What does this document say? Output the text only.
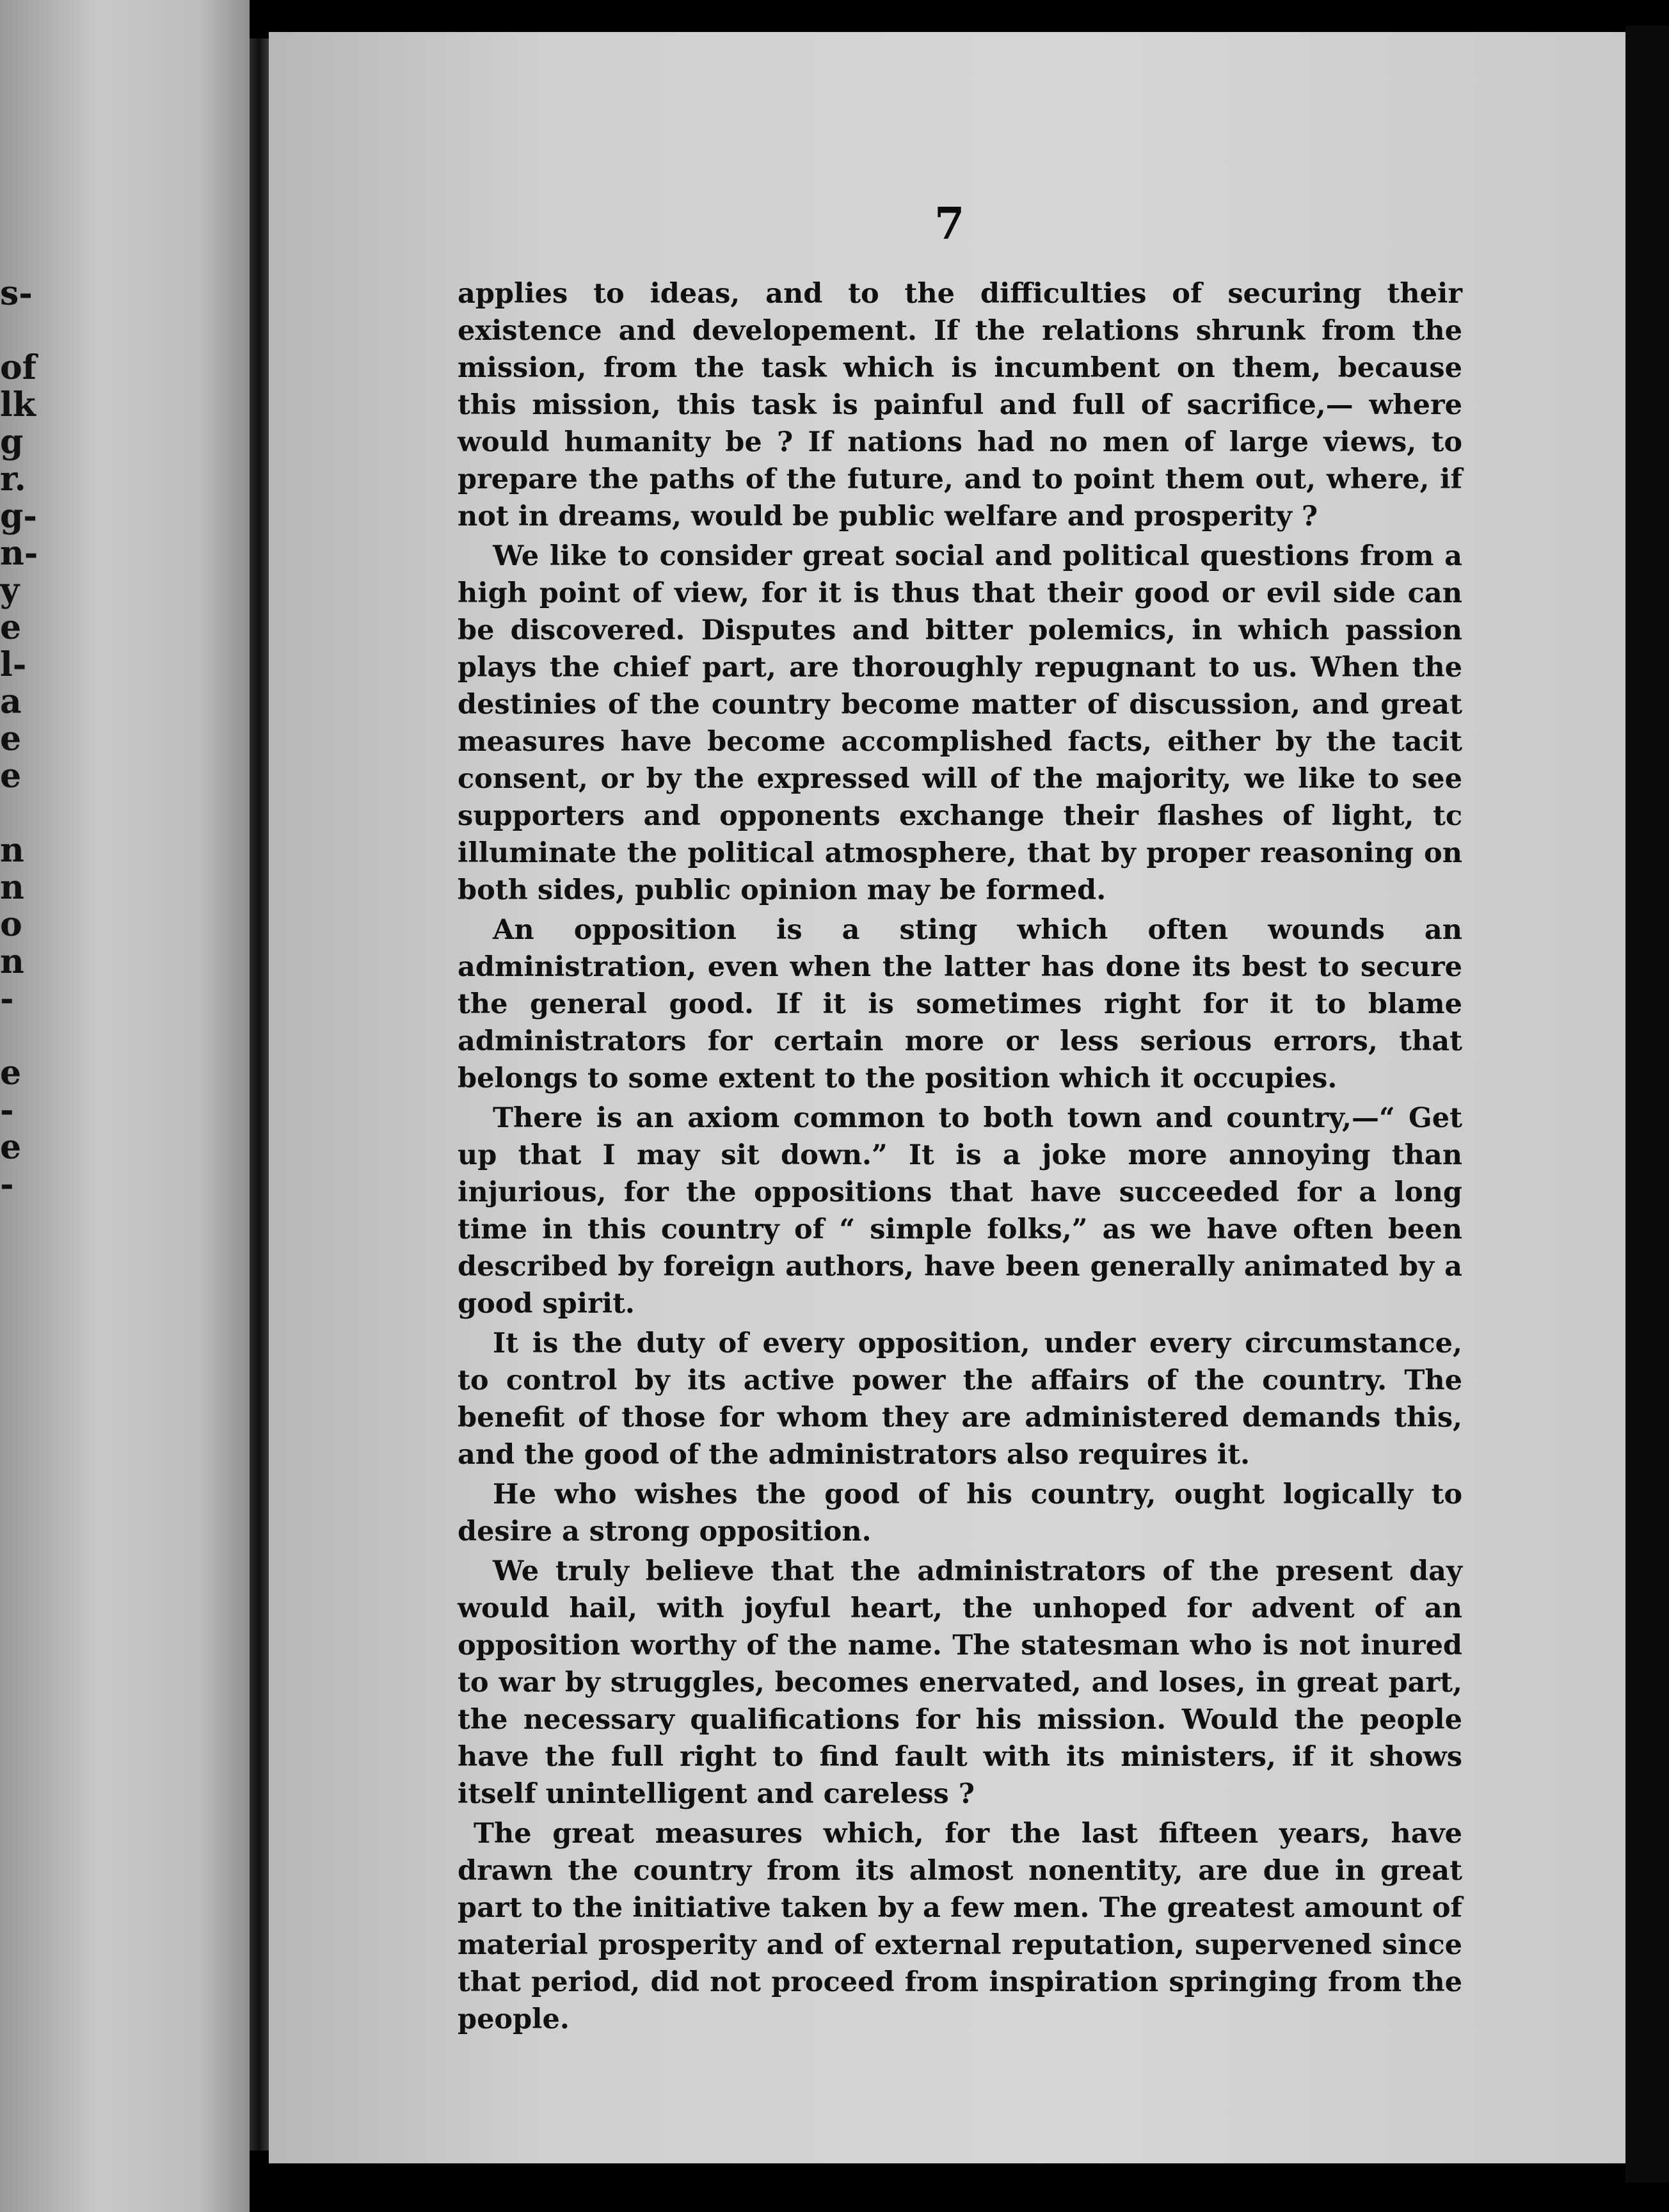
s-
of
lk
g
r.
g-
n-
y
e
l-
a
e
e
n
n
o
n
-
e
-
e
-
7

applies to ideas, and to the difficulties of securing their existence and developement. If the relations shrunk from the mission, from the task which is incumbent on them, because this mission, this task is painful and full of sacrifice,— where would humanity be ? If nations had no men of large views, to prepare the paths of the future, and to point them out, where, if not in dreams, would be public welfare and prosperity ?

We like to consider great social and political questions from a high point of view, for it is thus that their good or evil side can be discovered. Disputes and bitter polemics, in which passion plays the chief part, are thoroughly repugnant to us. When the destinies of the country become matter of discussion, and great measures have become accomplished facts, either by the tacit consent, or by the expressed will of the majority, we like to see supporters and opponents exchange their flashes of light, tc illuminate the political atmosphere, that by proper reasoning on both sides, public opinion may be formed.

An opposition is a sting which often wounds an administration, even when the latter has done its best to secure the general good. If it is sometimes right for it to blame administrators for certain more or less serious errors, that belongs to some extent to the position which it occupies.

There is an axiom common to both town and country,—“ Get up that I may sit down.” It is a joke more annoying than injurious, for the oppositions that have succeeded for a long time in this country of “ simple folks,” as we have often been described by foreign authors, have been generally animated by a good spirit.

It is the duty of every opposition, under every circumstance, to control by its active power the affairs of the country. The benefit of those for whom they are administered demands this, and the good of the administrators also requires it.

He who wishes the good of his country, ought logically to desire a strong opposition.

We truly believe that the administrators of the present day would hail, with joyful heart, the unhoped for advent of an opposition worthy of the name. The statesman who is not inured to war by struggles, becomes enervated, and loses, in great part, the necessary qualifications for his mission. Would the people have the full right to find fault with its ministers, if it shows itself unintelligent and careless ?

The great measures which, for the last fifteen years, have drawn the country from its almost nonentity, are due in great part to the initiative taken by a few men. The greatest amount of material prosperity and of external reputation, supervened since that period, did not proceed from inspiration springing from the people.
